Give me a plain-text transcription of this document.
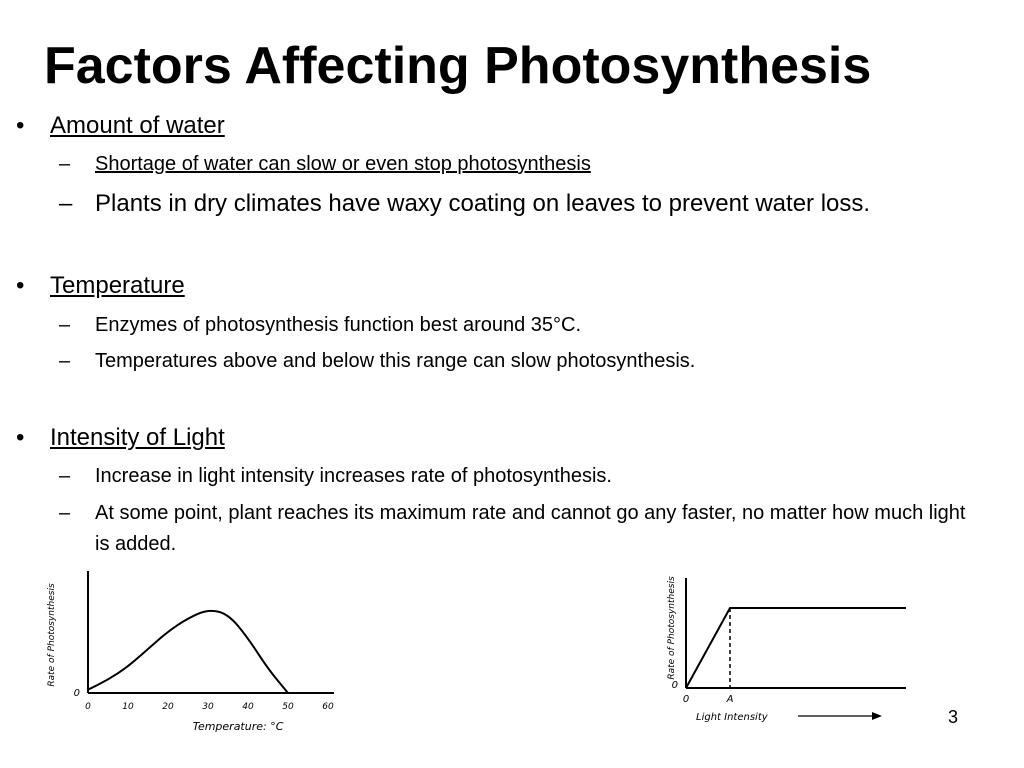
Factors Affecting Photosynthesis
• Amount of water
– Shortage of water can slow or even stop photosynthesis
– Plants in dry climates have waxy coating on leaves to prevent water loss.
• Temperature
– Enzymes of photosynthesis function best around 35°C.
– Temperatures above and below this range can slow photosynthesis.
• Intensity of Light
– Increase in light intensity increases rate of photosynthesis.
– At some point, plant reaches its maximum rate and cannot go any faster, no matter how much light is added.
0	10	20	30	40	50	60
0
Temperature: °C
Rate of Photosynthesis
0	A
0
Light Intensity
Rate of Photosynthesis
3
